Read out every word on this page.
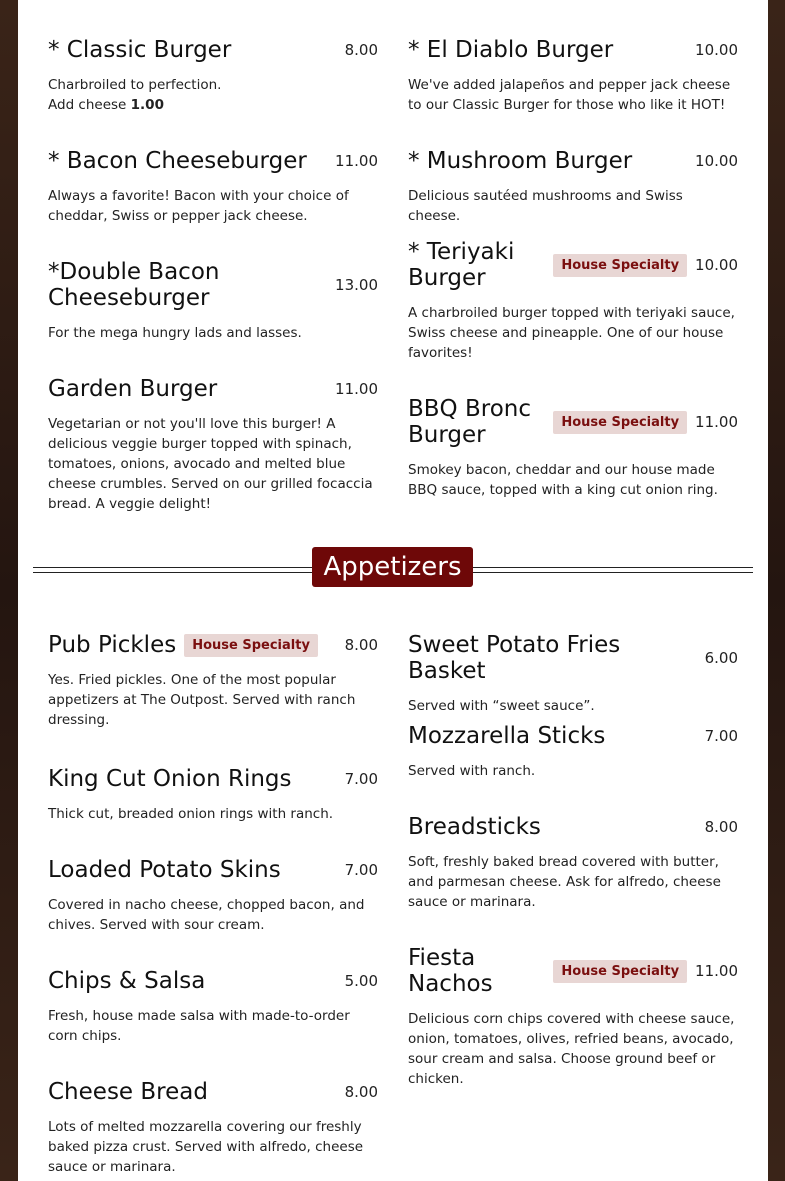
* Classic Burger	8.00
Charbroiled to perfection.
Add cheese 1.00
* Bacon Cheeseburger 11.00
Always a favorite! Bacon with your choice of cheddar, Swiss or pepper jack cheese.
*Double Bacon Cheeseburger	13.00
For the mega hungry lads and lasses.
Garden Burger	11.00
Vegetarian or not you'll love this burger! A delicious veggie burger topped with spinach, tomatoes, onions, avocado and melted blue cheese crumbles. Served on our grilled focaccia bread. A veggie delight!
* El Diablo Burger	10.00
We've added jalapeños and pepper jack cheese to our Classic Burger for those who like it HOT!
* Mushroom Burger	10.00
Delicious sautéed mushrooms and Swiss cheese.
* Teriyaki Burger	House Specialty	10.00
A charbroiled burger topped with teriyaki sauce, Swiss cheese and pineapple. One of our house favorites!
BBQ Bronc Burger	House Specialty	11.00
Smokey bacon, cheddar and our house made BBQ sauce, topped with a king cut onion ring.
Appetizers
Pub Pickles	House Specialty	8.00
Yes. Fried pickles. One of the most popular appetizers at The Outpost. Served with ranch dressing.
King Cut Onion Rings	7.00
Thick cut, breaded onion rings with ranch.
Loaded Potato Skins	7.00
Covered in nacho cheese, chopped bacon, and chives. Served with sour cream.
Chips & Salsa	5.00
Fresh, house made salsa with made-to-order corn chips.
Cheese Bread	8.00
Lots of melted mozzarella covering our freshly baked pizza crust. Served with alfredo, cheese sauce or marinara.
Sweet Potato Fries Basket	6.00
Served with “sweet sauce”.
Mozzarella Sticks	7.00
Served with ranch.
Breadsticks	8.00
Soft, freshly baked bread covered with butter, and parmesan cheese. Ask for alfredo, cheese sauce or marinara.
Fiesta Nachos	House Specialty	11.00
Delicious corn chips covered with cheese sauce, onion, tomatoes, olives, refried beans, avocado, sour cream and salsa. Choose ground beef or chicken.
